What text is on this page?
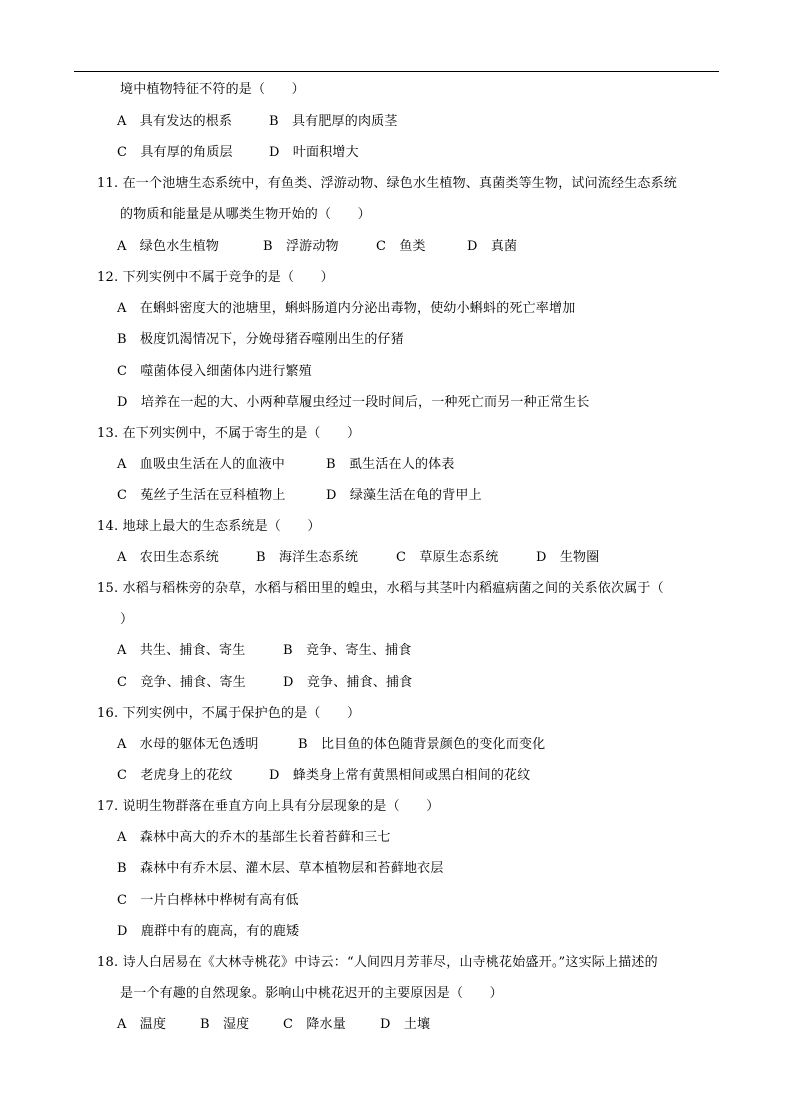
境中植物特征不符的是（　　）
A　具有发达的根系	B　具有肥厚的肉质茎
C　具有厚的角质层	D　叶面积增大
11. 在一个池塘生态系统中，有鱼类、浮游动物、绿色水生植物、真菌类等生物，试问流经生态系统
的物质和能量是从哪类生物开始的（　　）
A　绿色水生植物	B　浮游动物	C　鱼类	D　真菌
12. 下列实例中不属于竞争的是（　　）
A　在蝌蚪密度大的池塘里，蝌蚪肠道内分泌出毒物，使幼小蝌蚪的死亡率增加
B　极度饥渴情况下，分娩母猪吞噬刚出生的仔猪
C　噬菌体侵入细菌体内进行繁殖
D　培养在一起的大、小两种草履虫经过一段时间后，一种死亡而另一种正常生长
13. 在下列实例中，不属于寄生的是（　　）
A　血吸虫生活在人的血液中	B　虱生活在人的体表
C　菟丝子生活在豆科植物上	D　绿藻生活在龟的背甲上
14. 地球上最大的生态系统是（　　）
A　农田生态系统	B　海洋生态系统	C　草原生态系统	D　生物圈
15. 水稻与稻株旁的杂草，水稻与稻田里的蝗虫，水稻与其茎叶内稻瘟病菌之间的关系依次属于（
）
A　共生、捕食、寄生	B　竞争、寄生、捕食
C　竞争、捕食、寄生	D　竞争、捕食、捕食
16. 下列实例中，不属于保护色的是（　　）
A　水母的躯体无色透明	B　比目鱼的体色随背景颜色的变化而变化
C　老虎身上的花纹	D　蜂类身上常有黄黑相间或黑白相间的花纹
17. 说明生物群落在垂直方向上具有分层现象的是（　　）
A　森林中高大的乔木的基部生长着苔藓和三七
B　森林中有乔木层、灌木层、草本植物层和苔藓地衣层
C　一片白桦林中桦树有高有低
D　鹿群中有的鹿高，有的鹿矮
18. 诗人白居易在《大林寺桃花》中诗云：“人间四月芳菲尽，山寺桃花始盛开。”这实际上描述的
是一个有趣的自然现象。影响山中桃花迟开的主要原因是（　　）
A　温度	B　湿度	C　降水量	D　土壤
